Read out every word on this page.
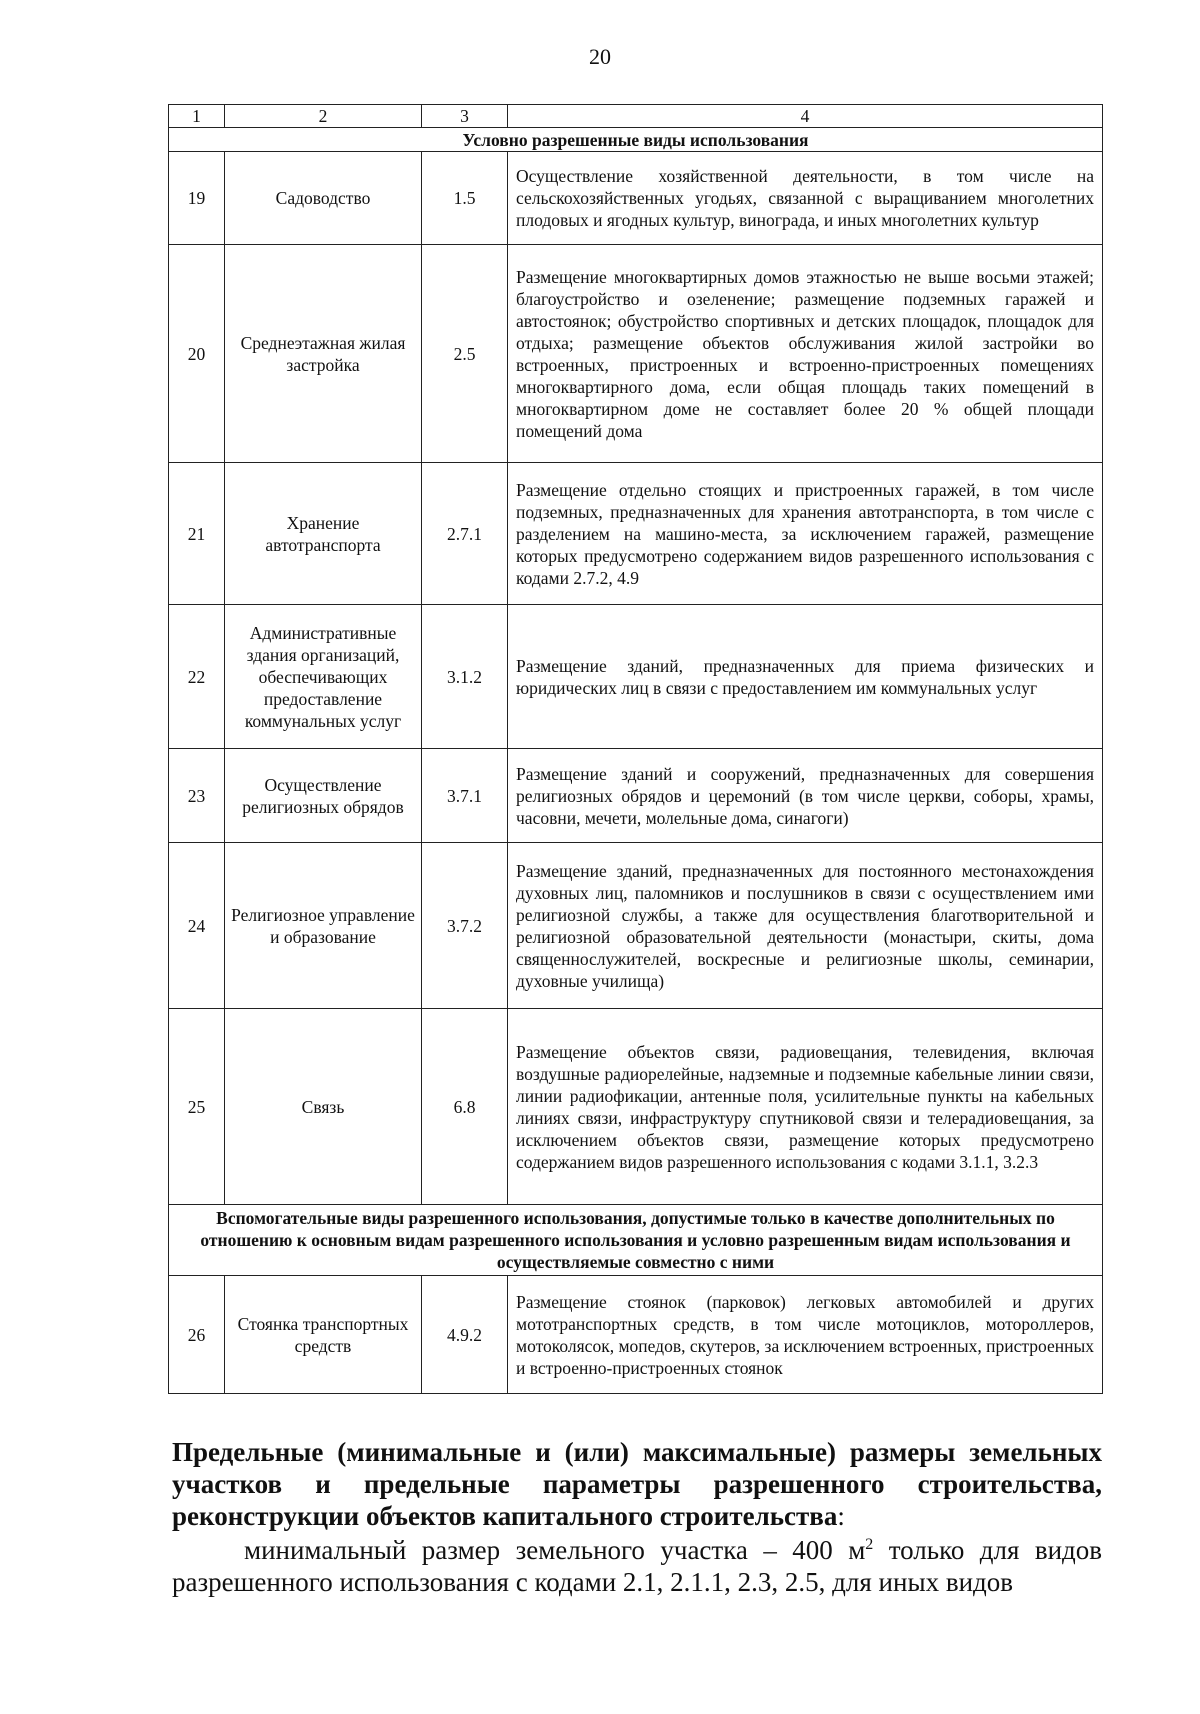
20
1	2	3	4
Условно разрешенные виды использования			
19	Садоводство	1.5	Осуществление хозяйственной деятельности, в том числе на сельскохозяйственных угодьях, связанной с выращиванием многолетних плодовых и ягодных культур, винограда, и иных многолетних культур
20	Среднеэтажная жилая застройка	2.5	Размещение многоквартирных домов этажностью не выше восьми этажей; благоустройство и озеленение; размещение подземных гаражей и автостоянок; обустройство спортивных и детских площадок, площадок для отдыха; размещение объектов обслуживания жилой застройки во встроенных, пристроенных и встроенно-пристроенных помещениях многоквартирного дома, если общая площадь таких помещений в многоквартирном доме не составляет более 20 % общей площади помещений дома
21	Хранение автотранспорта	2.7.1	Размещение отдельно стоящих и пристроенных гаражей, в том числе подземных, предназначенных для хранения автотранспорта, в том числе с разделением на машино-места, за исключением гаражей, размещение которых предусмотрено содержанием видов разрешенного использования с кодами 2.7.2, 4.9
22	Административные здания организаций, обеспечивающих предоставление коммунальных услуг	3.1.2	Размещение зданий, предназначенных для приема физических и юридических лиц в связи с предоставлением им коммунальных услуг
23	Осуществление религиозных обрядов	3.7.1	Размещение зданий и сооружений, предназначенных для совершения религиозных обрядов и церемоний (в том числе церкви, соборы, храмы, часовни, мечети, молельные дома, синагоги)
24	Религиозное управление и образование	3.7.2	Размещение зданий, предназначенных для постоянного местонахождения духовных лиц, паломников и послушников в связи с осуществлением ими религиозной службы, а также для осуществления благотворительной и религиозной образовательной деятельности (монастыри, скиты, дома священнослужителей, воскресные и религиозные школы, семинарии, духовные училища)
25	Связь	6.8	Размещение объектов связи, радиовещания, телевидения, включая воздушные радиорелейные, надземные и подземные кабельные линии связи, линии радиофикации, антенные поля, усилительные пункты на кабельных линиях связи, инфраструктуру спутниковой связи и телерадиовещания, за исключением объектов связи, размещение которых предусмотрено содержанием видов разрешенного использования с кодами 3.1.1, 3.2.3
Вспомогательные виды разрешенного использования, допустимые только в качестве дополнительных по отношению к основным видам разрешенного использования и условно разрешенным видам использования и осуществляемые совместно с ними			
26	Стоянка транспортных средств	4.9.2	Размещение стоянок (парковок) легковых автомобилей и других мототранспортных средств, в том числе мотоциклов, мотороллеров, мотоколясок, мопедов, скутеров, за исключением встроенных, пристроенных и встроенно-пристроенных стоянок
Предельные (минимальные и (или) максимальные) размеры земельных участков и предельные параметры разрешенного строительства, реконструкции объектов капитального строительства:
минимальный размер земельного участка – 400 $м^2$ только для видов разрешенного использования с кодами 2.1, 2.1.1, 2.3, 2.5, для иных видов
